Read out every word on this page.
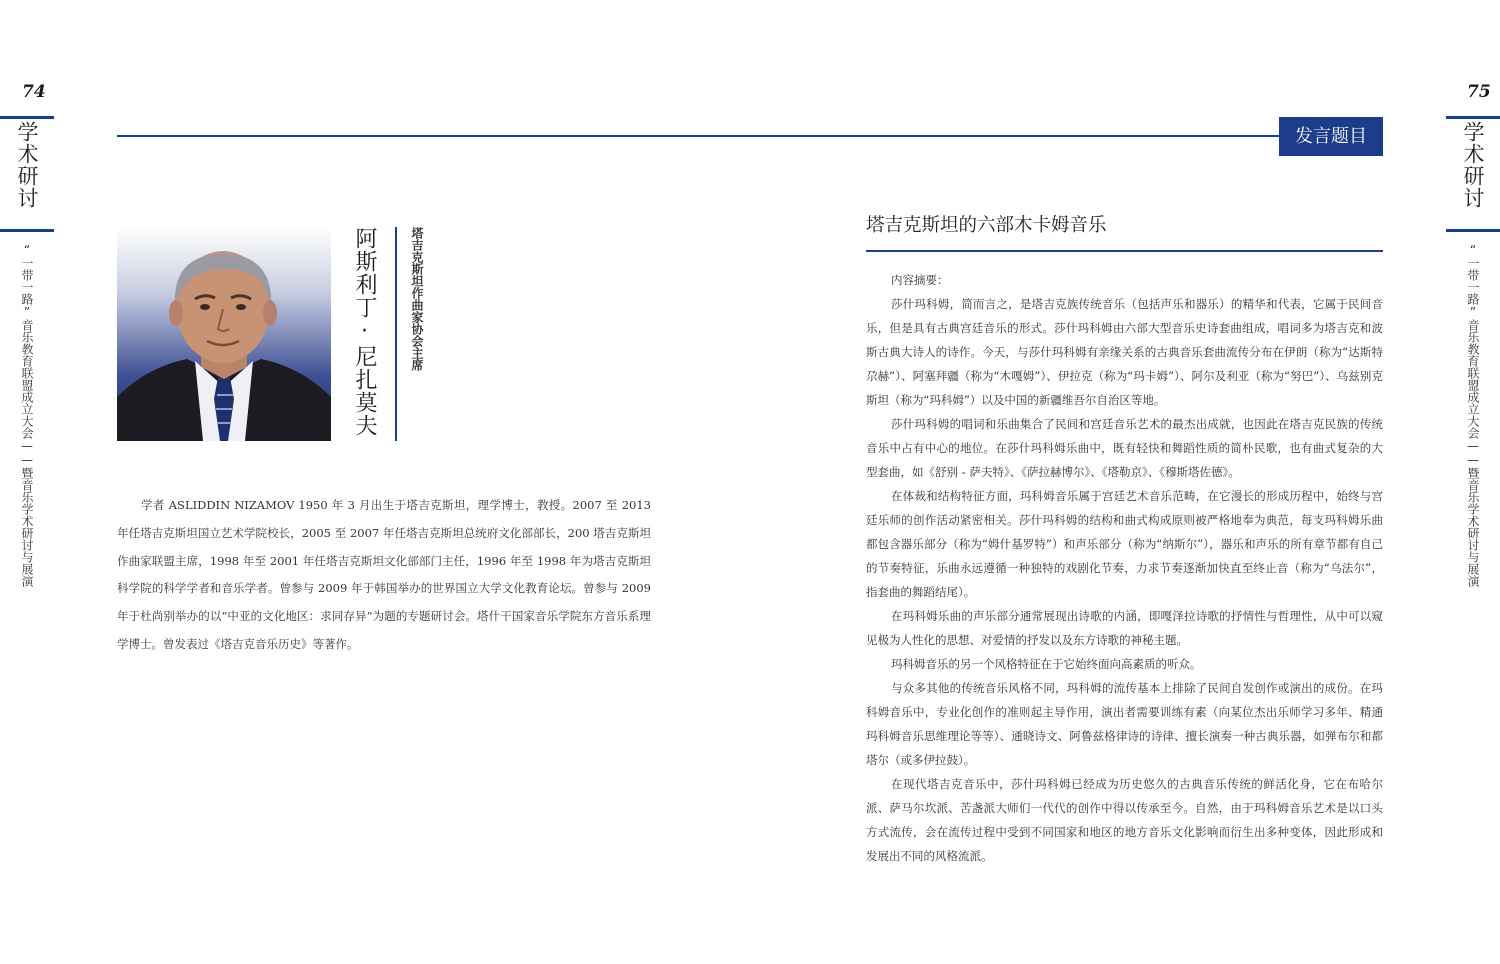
74
学术研讨
“一带一路”音乐教育联盟成立大会——暨音乐学术研讨与展演	阿斯利丁·尼扎莫夫	塔吉克斯坦作曲家协会主席

学者 ASLIDDIN NIZAMOV 1950 年 3 月出生于塔吉克斯坦，理学博士，教授。2007 至 2013 年任塔吉克斯坦国立艺术学院校长，2005 至 2007 年任塔吉克斯坦总统府文化部部长，200 塔吉克斯坦作曲家联盟主席，1998 年至 2001 年任塔吉克斯坦文化部部门主任，1996 年至 1998 年为塔吉克斯坦科学院的科学学者和音乐学者。曾参与 2009 年于韩国举办的世界国立大学文化教育论坛。曾参与 2009 年于杜尚别举办的以“中亚的文化地区：求同存异”为题的专题研讨会。塔什干国家音乐学院东方音乐系理学博士。曾发表过《塔吉克音乐历史》等著作。

发言题目
75
学术研讨
“一带一路”音乐教育联盟成立大会——暨音乐学术研讨与展演
塔吉克斯坦的六部木卡姆音乐

内容摘要：

莎什玛科姆，简而言之，是塔吉克族传统音乐（包括声乐和器乐）的精华和代表，它属于民间音乐，但是具有古典宫廷音乐的形式。莎什玛科姆由六部大型音乐史诗套曲组成，唱词多为塔吉克和波斯古典大诗人的诗作。今天，与莎什玛科姆有亲缘关系的古典音乐套曲流传分布在伊朗（称为“达斯特尕赫”）、阿塞拜疆（称为“木嘎姆”）、伊拉克（称为“玛卡姆”）、阿尔及利亚（称为“努巴”）、乌兹别克斯坦（称为“玛科姆”）以及中国的新疆维吾尔自治区等地。

莎什玛科姆的唱词和乐曲集合了民间和宫廷音乐艺术的最杰出成就，也因此在塔吉克民族的传统音乐中占有中心的地位。在莎什玛科姆乐曲中，既有轻快和舞蹈性质的简朴民歌，也有曲式复杂的大型套曲，如《舒别 - 萨夫特》、《萨拉赫博尔》、《塔勒京》、《穆斯塔佐德》。

在体裁和结构特征方面，玛科姆音乐属于宫廷艺术音乐范畴，在它漫长的形成历程中，始终与宫廷乐师的创作活动紧密相关。莎什玛科姆的结构和曲式构成原则被严格地奉为典范，每支玛科姆乐曲都包含器乐部分（称为“姆什基罗特”）和声乐部分（称为“纳斯尔”），器乐和声乐的所有章节都有自己的节奏特征，乐曲永远遵循一种独特的戏剧化节奏，力求节奏逐渐加快直至终止音（称为“乌法尔”，指套曲的舞蹈结尾）。

在玛科姆乐曲的声乐部分通常展现出诗歌的内涵，即嘎泽拉诗歌的抒情性与哲理性，从中可以窥见极为人性化的思想、对爱情的抒发以及东方诗歌的神秘主题。

玛科姆音乐的另一个风格特征在于它始终面向高素质的听众。

与众多其他的传统音乐风格不同，玛科姆的流传基本上排除了民间自发创作或演出的成份。在玛科姆音乐中，专业化创作的准则起主导作用，演出者需要训练有素（向某位杰出乐师学习多年、精通玛科姆音乐思维理论等等）、通晓诗文、阿鲁兹格律诗的诗律、擅长演奏一种古典乐器，如弹布尔和都塔尔（或多伊拉鼓）。

在现代塔吉克音乐中，莎什玛科姆已经成为历史悠久的古典音乐传统的鲜活化身，它在布哈尔派、萨马尔坎派、苦盏派大师们一代代的创作中得以传承至今。自然，由于玛科姆音乐艺术是以口头方式流传，会在流传过程中受到不同国家和地区的地方音乐文化影响而衍生出多种变体，因此形成和发展出不同的风格流派。
